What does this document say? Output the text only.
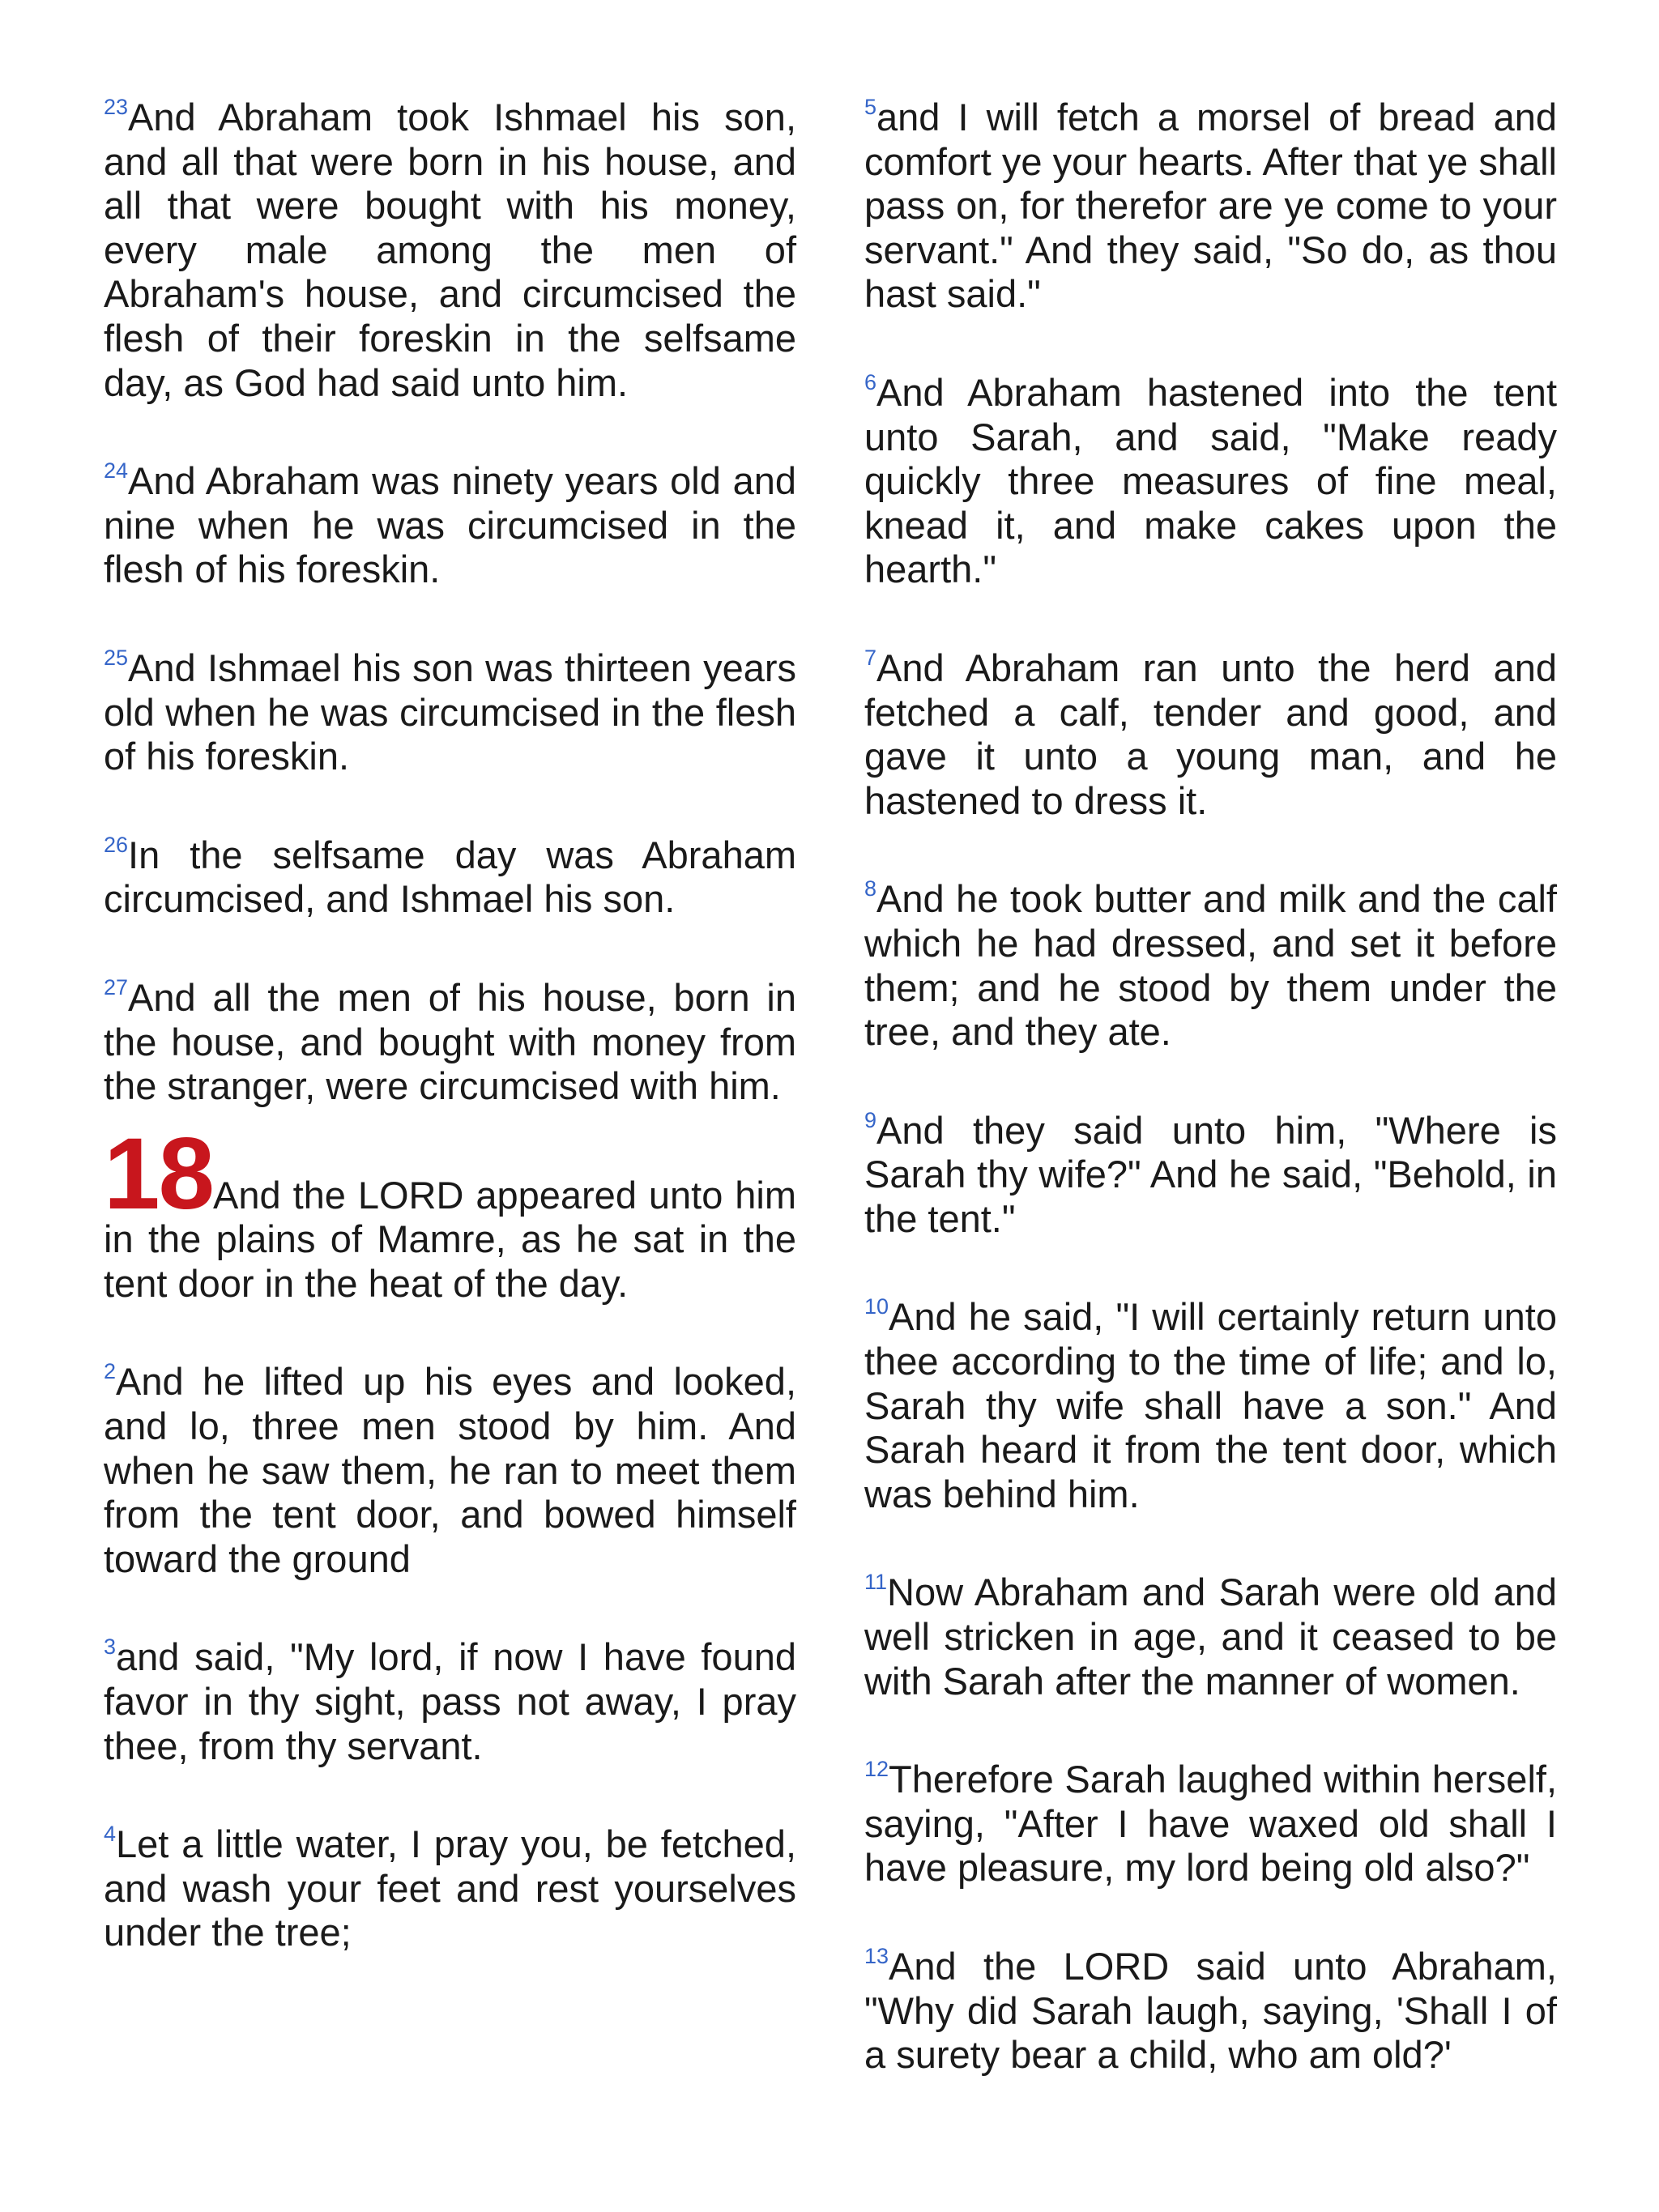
$^{23}$And Abraham took Ishmael his son, and all that were born in his house, and all that were bought with his money, every male among the men of Abraham's house, and circumcised the flesh of their foreskin in the selfsame day, as God had said unto him.

$^{24}$And Abraham was ninety years old and nine when he was circumcised in the flesh of his foreskin.

$^{25}$And Ishmael his son was thirteen years old when he was circumcised in the flesh of his foreskin.

$^{26}$In the selfsame day was Abraham circumcised, and Ishmael his son.

$^{27}$And all the men of his house, born in the house, and bought with money from the stranger, were circumcised with him.

18And the LORD appeared unto him in the plains of Mamre, as he sat in the tent door in the heat of the day.

$^2$And he lifted up his eyes and looked, and lo, three men stood by him. And when he saw them, he ran to meet them from the tent door, and bowed himself toward the ground

$^3$and said, "My lord, if now I have found favor in thy sight, pass not away, I pray thee, from thy servant.

$^4$Let a little water, I pray you, be fetched, and wash your feet and rest yourselves under the tree;

$^5$and I will fetch a morsel of bread and comfort ye your hearts. After that ye shall pass on, for therefor are ye come to your servant." And they said, "So do, as thou hast said."

$^6$And Abraham hastened into the tent unto Sarah, and said, "Make ready quickly three measures of fine meal, knead it, and make cakes upon the hearth."

$^7$And Abraham ran unto the herd and fetched a calf, tender and good, and gave it unto a young man, and he hastened to dress it.

$^8$And he took butter and milk and the calf which he had dressed, and set it before them; and he stood by them under the tree, and they ate.

$^9$And they said unto him, "Where is Sarah thy wife?" And he said, "Behold, in the tent."

$^{10}$And he said, "I will certainly return unto thee according to the time of life; and lo, Sarah thy wife shall have a son." And Sarah heard it from the tent door, which was behind him.

$^{11}$Now Abraham and Sarah were old and well stricken in age, and it ceased to be with Sarah after the manner of women.

$^{12}$Therefore Sarah laughed within herself, saying, "After I have waxed old shall I have pleasure, my lord being old also?"

$^{13}$And the LORD said unto Abraham, "Why did Sarah laugh, saying, 'Shall I of a surety bear a child, who am old?'
